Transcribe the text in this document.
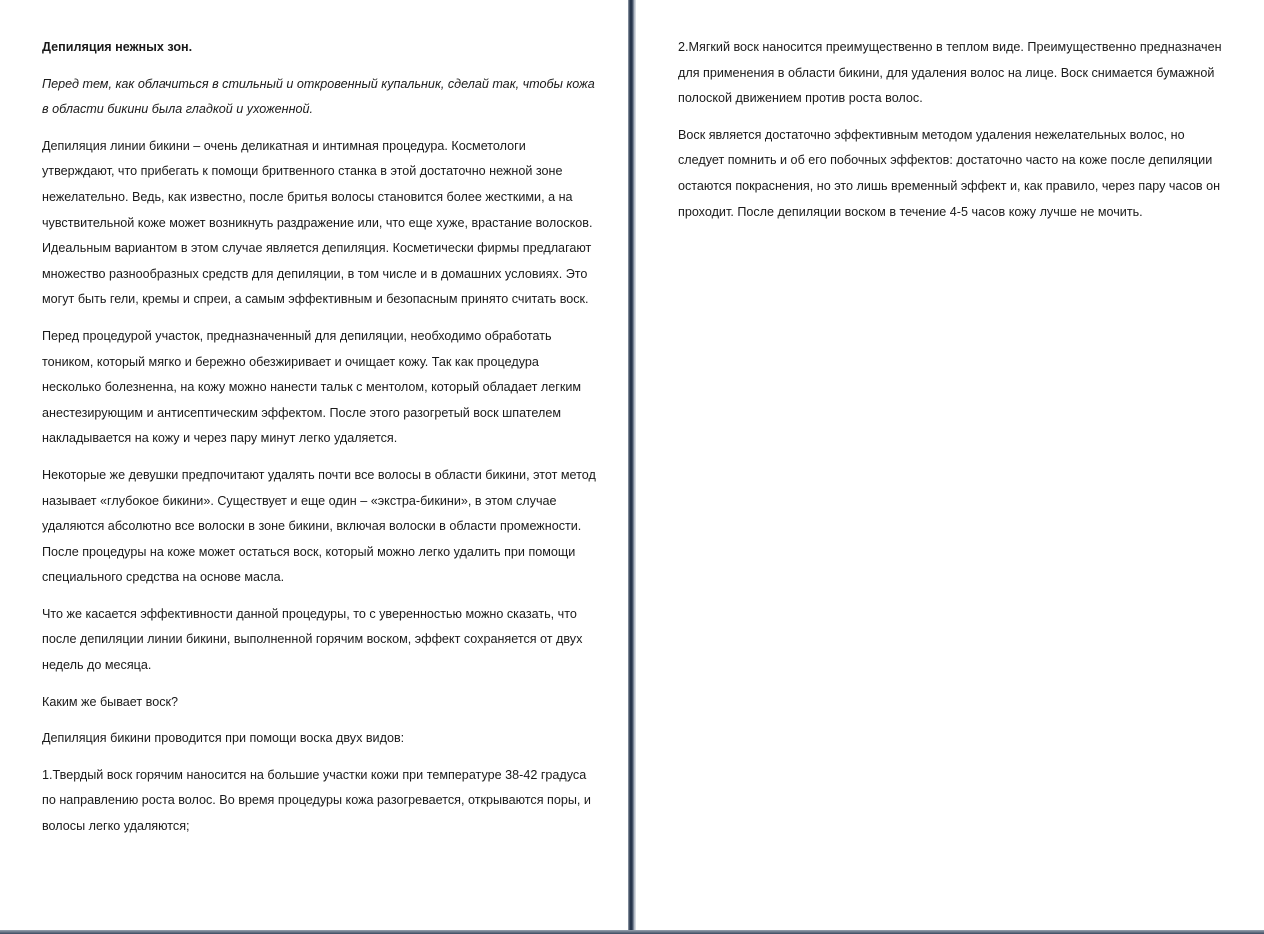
Депиляция нежных зон.

Перед тем, как облачиться в стильный и откровенный купальник, сделай так, чтобы кожа в области бикини была гладкой и ухоженной.

Депиляция линии бикини – очень деликатная и интимная процедура. Косметологи утверждают, что прибегать к помощи бритвенного станка в этой достаточно нежной зоне нежелательно. Ведь, как известно, после бритья волосы становится более жесткими, а на чувствительной коже может возникнуть раздражение или, что еще хуже, врастание волосков. Идеальным вариантом в этом случае является депиляция. Косметически фирмы предлагают множество разнообразных средств для депиляции, в том числе и в домашних условиях. Это могут быть гели, кремы и спреи, а самым эффективным и безопасным принято считать воск.

Перед процедурой участок, предназначенный для депиляции, необходимо обработать тоником, который мягко и бережно обезжиривает и очищает кожу. Так как процедура несколько болезненна, на кожу можно нанести тальк с ментолом, который обладает легким анестезирующим и антисептическим эффектом. После этого разогретый воск шпателем накладывается на кожу и через пару минут легко удаляется.

Некоторые же девушки предпочитают удалять почти все волосы в области бикини, этот метод называет «глубокое бикини». Существует и еще один – «экстра-бикини», в этом случае удаляются абсолютно все волоски в зоне бикини, включая волоски в области промежности. После процедуры на коже может остаться воск, который можно легко удалить при помощи специального средства на основе масла.

Что же касается эффективности данной процедуры, то с уверенностью можно сказать, что после депиляции линии бикини, выполненной горячим воском, эффект сохраняется от двух недель до месяца.

Каким же бывает воск?

Депиляция бикини проводится при помощи воска двух видов:

1.Твердый воск горячим наносится на большие участки кожи при температуре 38-42 градуса по направлению роста волос. Во время процедуры кожа разогревается, открываются поры, и волосы легко удаляются;

2.Мягкий воск наносится преимущественно в теплом виде. Преимущественно предназначен для применения в области бикини, для удаления волос на лице. Воск снимается бумажной полоской движением против роста волос.

Воск является достаточно эффективным методом удаления нежелательных волос, но следует помнить и об его побочных эффектов: достаточно часто на коже после депиляции остаются покраснения, но это лишь временный эффект и, как правило, через пару часов он проходит. После депиляции воском в течение 4-5 часов кожу лучше не мочить.
